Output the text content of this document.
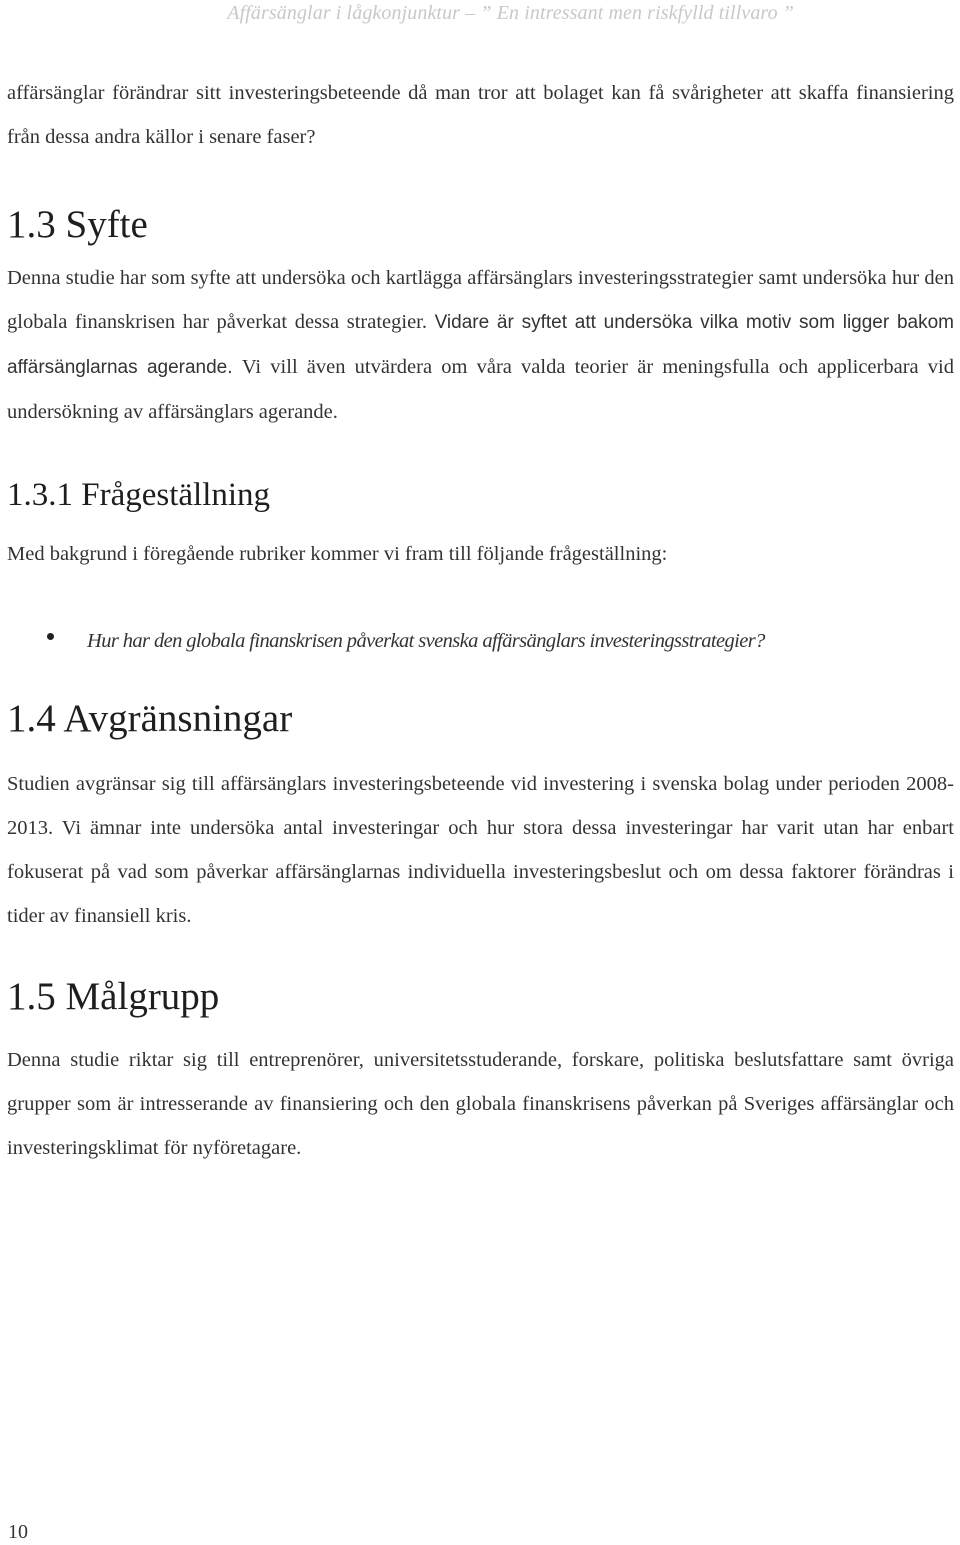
Affärsänglar i lågkonjunktur – ” En intressant men riskfylld tillvaro ”

affärsänglar förändrar sitt investeringsbeteende då man tror att bolaget kan få svårigheter att skaffa finansiering från dessa andra källor i senare faser?

1.3 Syfte

Denna studie har som syfte att undersöka och kartlägga affärsänglars investeringsstrategier samt undersöka hur den globala finanskrisen har påverkat dessa strategier. Vidare är syftet att undersöka vilka motiv som ligger bakom affärsänglarnas agerande. Vi vill även utvärdera om våra valda teorier är meningsfulla och applicerbara vid undersökning av affärsänglars agerande.

1.3.1 Frågeställning

Med bakgrund i föregående rubriker kommer vi fram till följande frågeställning:

Hur har den globala finanskrisen påverkat svenska affärsänglars investeringsstrategier?
1.4 Avgränsningar

Studien avgränsar sig till affärsänglars investeringsbeteende vid investering i svenska bolag under perioden 2008-2013. Vi ämnar inte undersöka antal investeringar och hur stora dessa investeringar har varit utan har enbart fokuserat på vad som påverkar affärsänglarnas individuella investeringsbeslut och om dessa faktorer förändras i tider av finansiell kris.

1.5 Målgrupp

Denna studie riktar sig till entreprenörer, universitetsstuderande, forskare, politiska beslutsfattare samt övriga grupper som är intresserande av finansiering och den globala finanskrisens påverkan på Sveriges affärsänglar och investeringsklimat för nyföretagare.

10
